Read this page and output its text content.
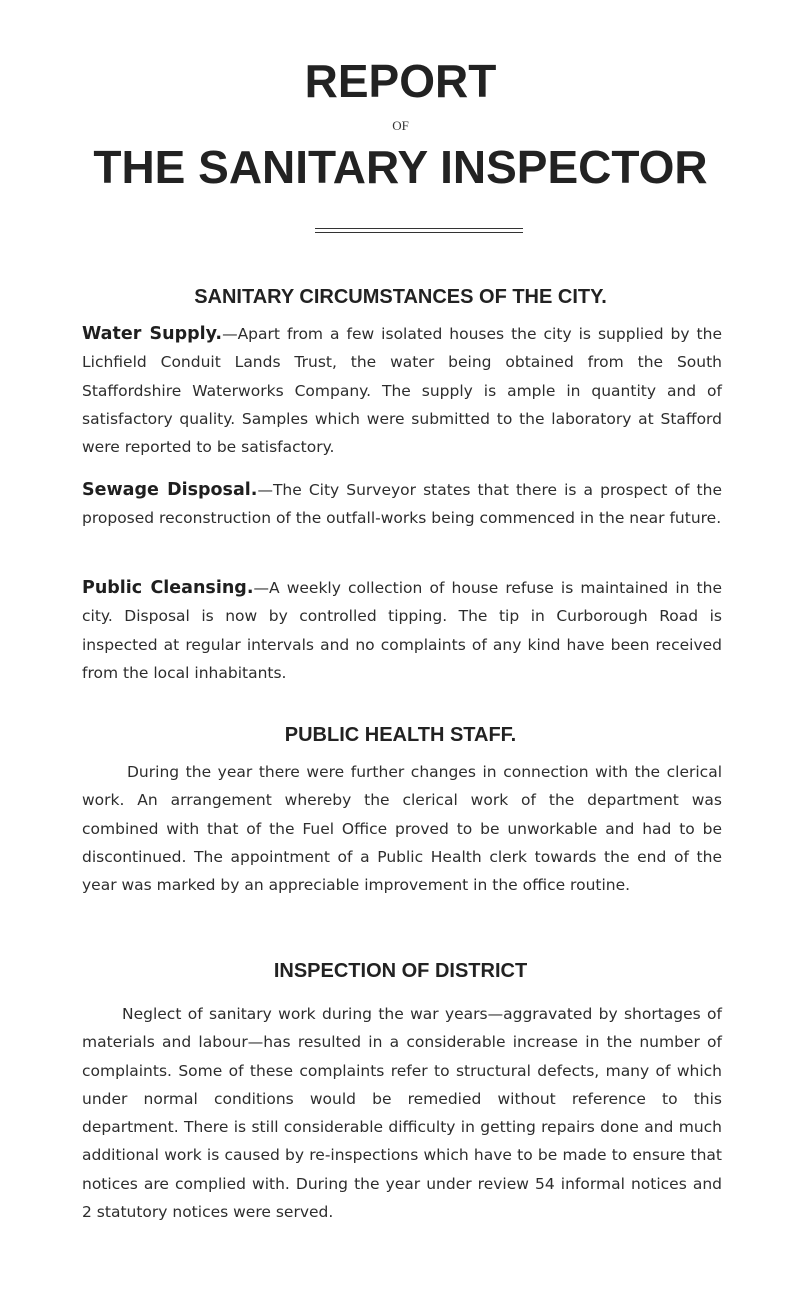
REPORT
OF
THE SANITARY INSPECTOR
SANITARY CIRCUMSTANCES OF THE CITY.
Water Supply.—Apart from a few isolated houses the city is supplied by the Lichfield Conduit Lands Trust, the water being obtained from the South Staffordshire Waterworks Company. The supply is ample in quantity and of satisfactory quality. Samples which were submitted to the laboratory at Stafford were reported to be satisfactory.
Sewage Disposal.—The City Surveyor states that there is a prospect of the proposed reconstruction of the outfall-works being commenced in the near future.
Public Cleansing.—A weekly collection of house refuse is maintained in the city. Disposal is now by controlled tipping. The tip in Curborough Road is inspected at regular intervals and no complaints of any kind have been received from the local inhabitants.
PUBLIC HEALTH STAFF.
During the year there were further changes in connection with the clerical work. An arrangement whereby the clerical work of the department was combined with that of the Fuel Office proved to be unworkable and had to be discontinued. The appointment of a Public Health clerk towards the end of the year was marked by an appreciable improvement in the office routine.
INSPECTION OF DISTRICT
Neglect of sanitary work during the war years—aggravated by shortages of materials and labour—has resulted in a considerable increase in the number of complaints. Some of these complaints refer to structural defects, many of which under normal conditions would be remedied without reference to this department. There is still considerable difficulty in getting repairs done and much additional work is caused by re-inspections which have to be made to ensure that notices are complied with. During the year under review 54 informal notices and 2 statutory notices were served.
